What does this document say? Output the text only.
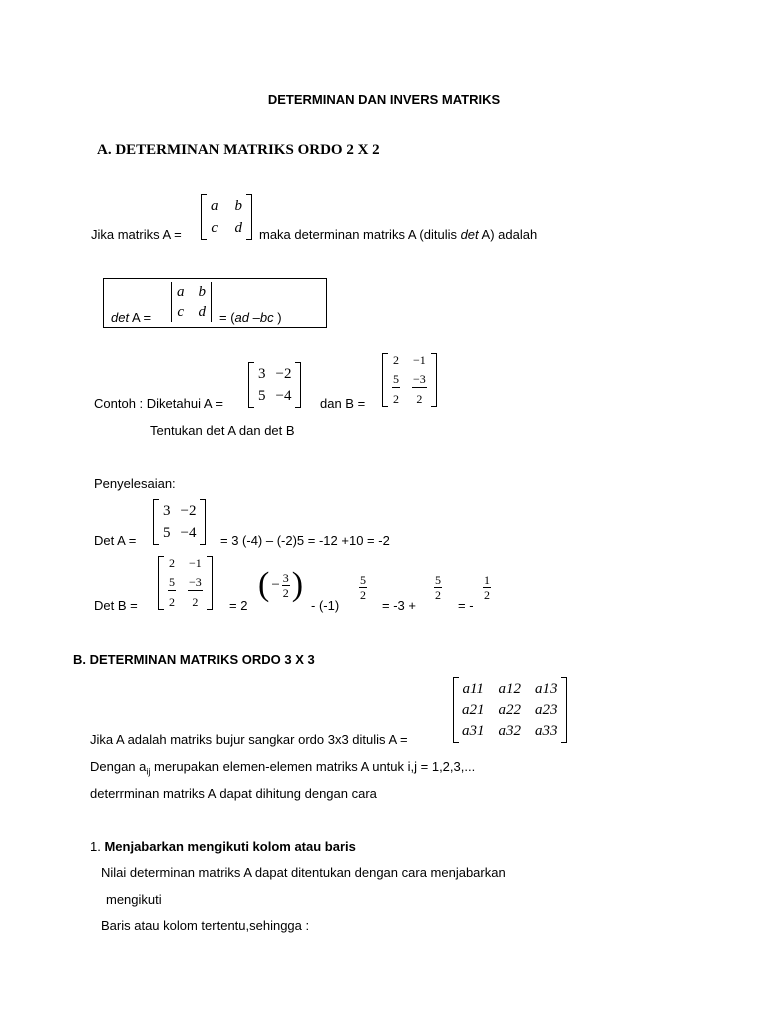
DETERMINAN DAN INVERS MATRIKS
A. DETERMINAN MATRIKS ORDO 2 X 2
a b
c d
Jika matriks A =	maka determinan matriks A (ditulis det A) adalah
det A =
a b
c d = (ad –bc )
Contoh : Diketahui A =
3 −2
5 −4 dan B =
2
5
2
−1
−3
2
Tentukan det A dan det B
Penyelesaian:
Det A =
3 −2
5 −4 = 3 (-4) – (-2)5 = -12 +10 = -2
Det B =
2
5
2
−1
−3
2 = 2
( − $\frac{3}{2}$ )
- (-1)
$\frac{5}{2}$
= -3 +
$\frac{5}{2}$
= -
$\frac{1}{2}$
B. DETERMINAN MATRIKS ORDO 3 X 3
a11 a12 a13
a21 a22 a23
a31 a32 a33
Jika A adalah matriks bujur sangkar ordo 3x3 ditulis A =
Dengan $a_{ij}$ merupakan elemen-elemen matriks A untuk i,j = 1,2,3,...
deterrminan matriks A dapat dihitung dengan cara
1. Menjabarkan mengikuti kolom atau baris
Nilai determinan matriks A dapat ditentukan dengan cara menjabarkan
mengikuti
Baris atau kolom tertentu,sehingga :
